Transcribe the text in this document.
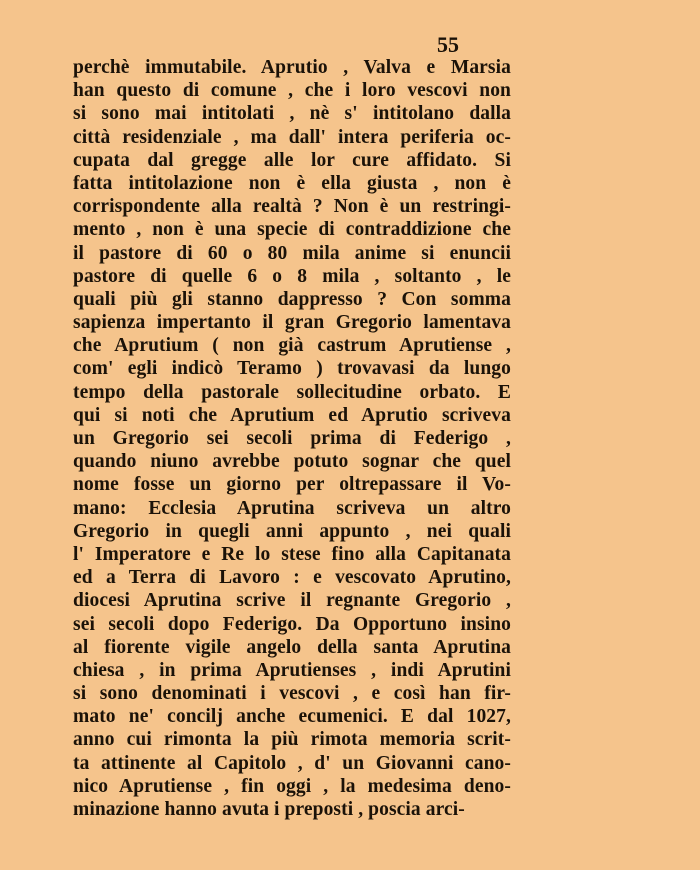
55
perchè immutabile. Aprutio , Valva e Marsia
han questo di comune , che i loro vescovi non
si sono mai intitolati , nè s' intitolano dalla
città residenziale , ma dall' intera periferia oc-
cupata dal gregge alle lor cure affidato. Si
fatta intitolazione non è ella giusta , non è
corrispondente alla realtà ? Non è un restringi-
mento , non è una specie di contraddizione che
il pastore di 60 o 80 mila anime si enuncii
pastore di quelle 6 o 8 mila , soltanto , le
quali più gli stanno dappresso ? Con somma
sapienza impertanto il gran Gregorio lamentava
che Aprutium ( non già castrum Aprutiense ,
com' egli indicò Teramo ) trovavasi da lungo
tempo della pastorale sollecitudine orbato. E
qui si noti che Aprutium ed Aprutio scriveva
un Gregorio sei secoli prima di Federigo ,
quando niuno avrebbe potuto sognar che quel
nome fosse un giorno per oltrepassare il Vo-
mano: Ecclesia Aprutina scriveva un altro
Gregorio in quegli anni appunto , nei quali
l' Imperatore e Re lo stese fino alla Capitanata
ed a Terra di Lavoro : e vescovato Aprutino,
diocesi Aprutina scrive il regnante Gregorio ,
sei secoli dopo Federigo. Da Opportuno insino
al fiorente vigile angelo della santa Aprutina
chiesa , in prima Aprutienses , indi Aprutini
si sono denominati i vescovi , e così han fir-
mato ne' concilj anche ecumenici. E dal 1027,
anno cui rimonta la più rimota memoria scrit-
ta attinente al Capitolo , d' un Giovanni cano-
nico Aprutiense , fin oggi , la medesima deno-
minazione hanno avuta i preposti , poscia arci-
